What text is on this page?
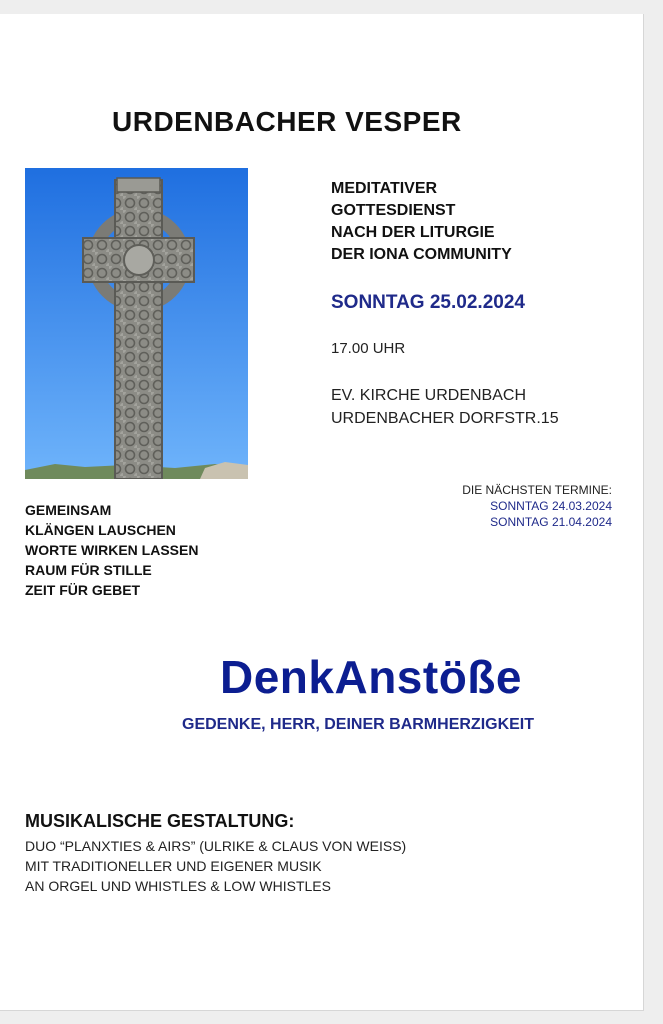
URDENBACHER VESPER
MEDITATIVER
GOTTESDIENST
NACH DER LITURGIE
DER IONA COMMUNITY
SONNTAG 25.02.2024
17.00 UHR
EV. KIRCHE URDENBACH
URDENBACHER DORFSTR.15
DIE NÄCHSTEN TERMINE:
SONNTAG 24.03.2024
SONNTAG 21.04.2024
GEMEINSAM
KLÄNGEN LAUSCHEN
WORTE WIRKEN LASSEN
RAUM FÜR STILLE
ZEIT FÜR GEBET
DenkAnstöße
GEDENKE, HERR, DEINER BARMHERZIGKEIT
MUSIKALISCHE GESTALTUNG:
DUO “PLANXTIES & AIRS” (ULRIKE & CLAUS VON WEISS)
MIT TRADITIONELLER UND EIGENER MUSIK
AN ORGEL UND WHISTLES & LOW WHISTLES
